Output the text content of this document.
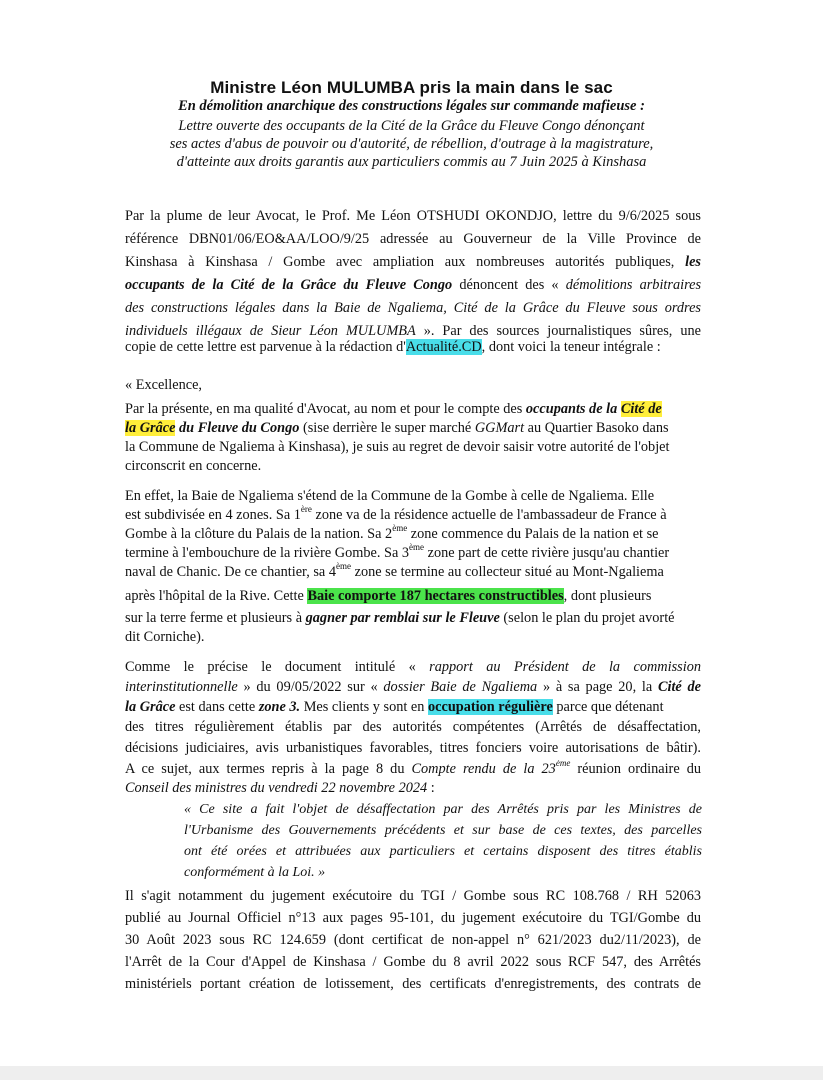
Ministre Léon MULUMBA pris la main dans le sac
En démolition anarchique des constructions légales sur commande mafieuse :
Lettre ouverte des occupants de la Cité de la Grâce du Fleuve Congo dénonçant
ses actes d'abus de pouvoir ou d'autorité, de rébellion, d'outrage à la magistrature,
d'atteinte aux droits garantis aux particuliers commis au 7 Juin 2025 à Kinshasa
Par la plume de leur Avocat, le Prof. Me Léon OTSHUDI OKONDJO, lettre du 9/6/2025 sous
référence DBN01/06/EO&AA/LOO/9/25 adressée au Gouverneur de la Ville Province de
Kinshasa à Kinshasa / Gombe avec ampliation aux nombreuses autorités publiques, les
occupants de la Cité de la Grâce du Fleuve Congo dénoncent des « démolitions arbitraires
des constructions légales dans la Baie de Ngaliema, Cité de la Grâce du Fleuve sous ordres
individuels illégaux de Sieur Léon MULUMBA ». Par des sources journalistiques sûres, une
copie de cette lettre est parvenue à la rédaction d'Actualité.CD, dont voici la teneur intégrale :
« Excellence,
Par la présente, en ma qualité d'Avocat, au nom et pour le compte des occupants de la Cité de
la Grâce du Fleuve du Congo (sise derrière le super marché GGMart au Quartier Basoko dans
la Commune de Ngaliema à Kinshasa), je suis au regret de devoir saisir votre autorité de l'objet
circonscrit en concerne.
En effet, la Baie de Ngaliema s'étend de la Commune de la Gombe à celle de Ngaliema. Elle
est subdivisée en 4 zones. Sa 1ère zone va de la résidence actuelle de l'ambassadeur de France à
Gombe à la clôture du Palais de la nation. Sa 2ème zone commence du Palais de la nation et se
termine à l'embouchure de la rivière Gombe. Sa 3ème zone part de cette rivière jusqu'au chantier
naval de Chanic. De ce chantier, sa 4ème zone se termine au collecteur situé au Mont-Ngaliema
après l'hôpital de la Rive. Cette Baie comporte 187 hectares constructibles, dont plusieurs
sur la terre ferme et plusieurs à gagner par remblai sur le Fleuve (selon le plan du projet avorté
dit Corniche).
Comme le précise le document intitulé « rapport au Président de la commission
interinstitutionnelle » du 09/05/2022 sur « dossier Baie de Ngaliema » à sa page 20, la Cité de
la Grâce est dans cette zone 3. Mes clients y sont en occupation régulière parce que détenant
des titres régulièrement établis par des autorités compétentes (Arrêtés de désaffectation,
décisions judiciaires, avis urbanistiques favorables, titres fonciers voire autorisations de bâtir).
A ce sujet, aux termes repris à la page 8 du Compte rendu de la 23ème réunion ordinaire du
Conseil des ministres du vendredi 22 novembre 2024 :
« Ce site a fait l'objet de désaffectation par des Arrêtés pris par les Ministres de
l'Urbanisme des Gouvernements précédents et sur base de ces textes, des parcelles
ont été orées et attribuées aux particuliers et certains disposent des titres établis
conformément à la Loi. »
Il s'agit notamment du jugement exécutoire du TGI / Gombe sous RC 108.768 / RH 52063
publié au Journal Officiel n°13 aux pages 95-101, du jugement exécutoire du TGI/Gombe du
30 Août 2023 sous RC 124.659 (dont certificat de non-appel n° 621/2023 du2/11/2023), de
l'Arrêt de la Cour d'Appel de Kinshasa / Gombe du 8 avril 2022 sous RCF 547, des Arrêtés
ministériels portant création de lotissement, des certificats d'enregistrements, des contrats de
